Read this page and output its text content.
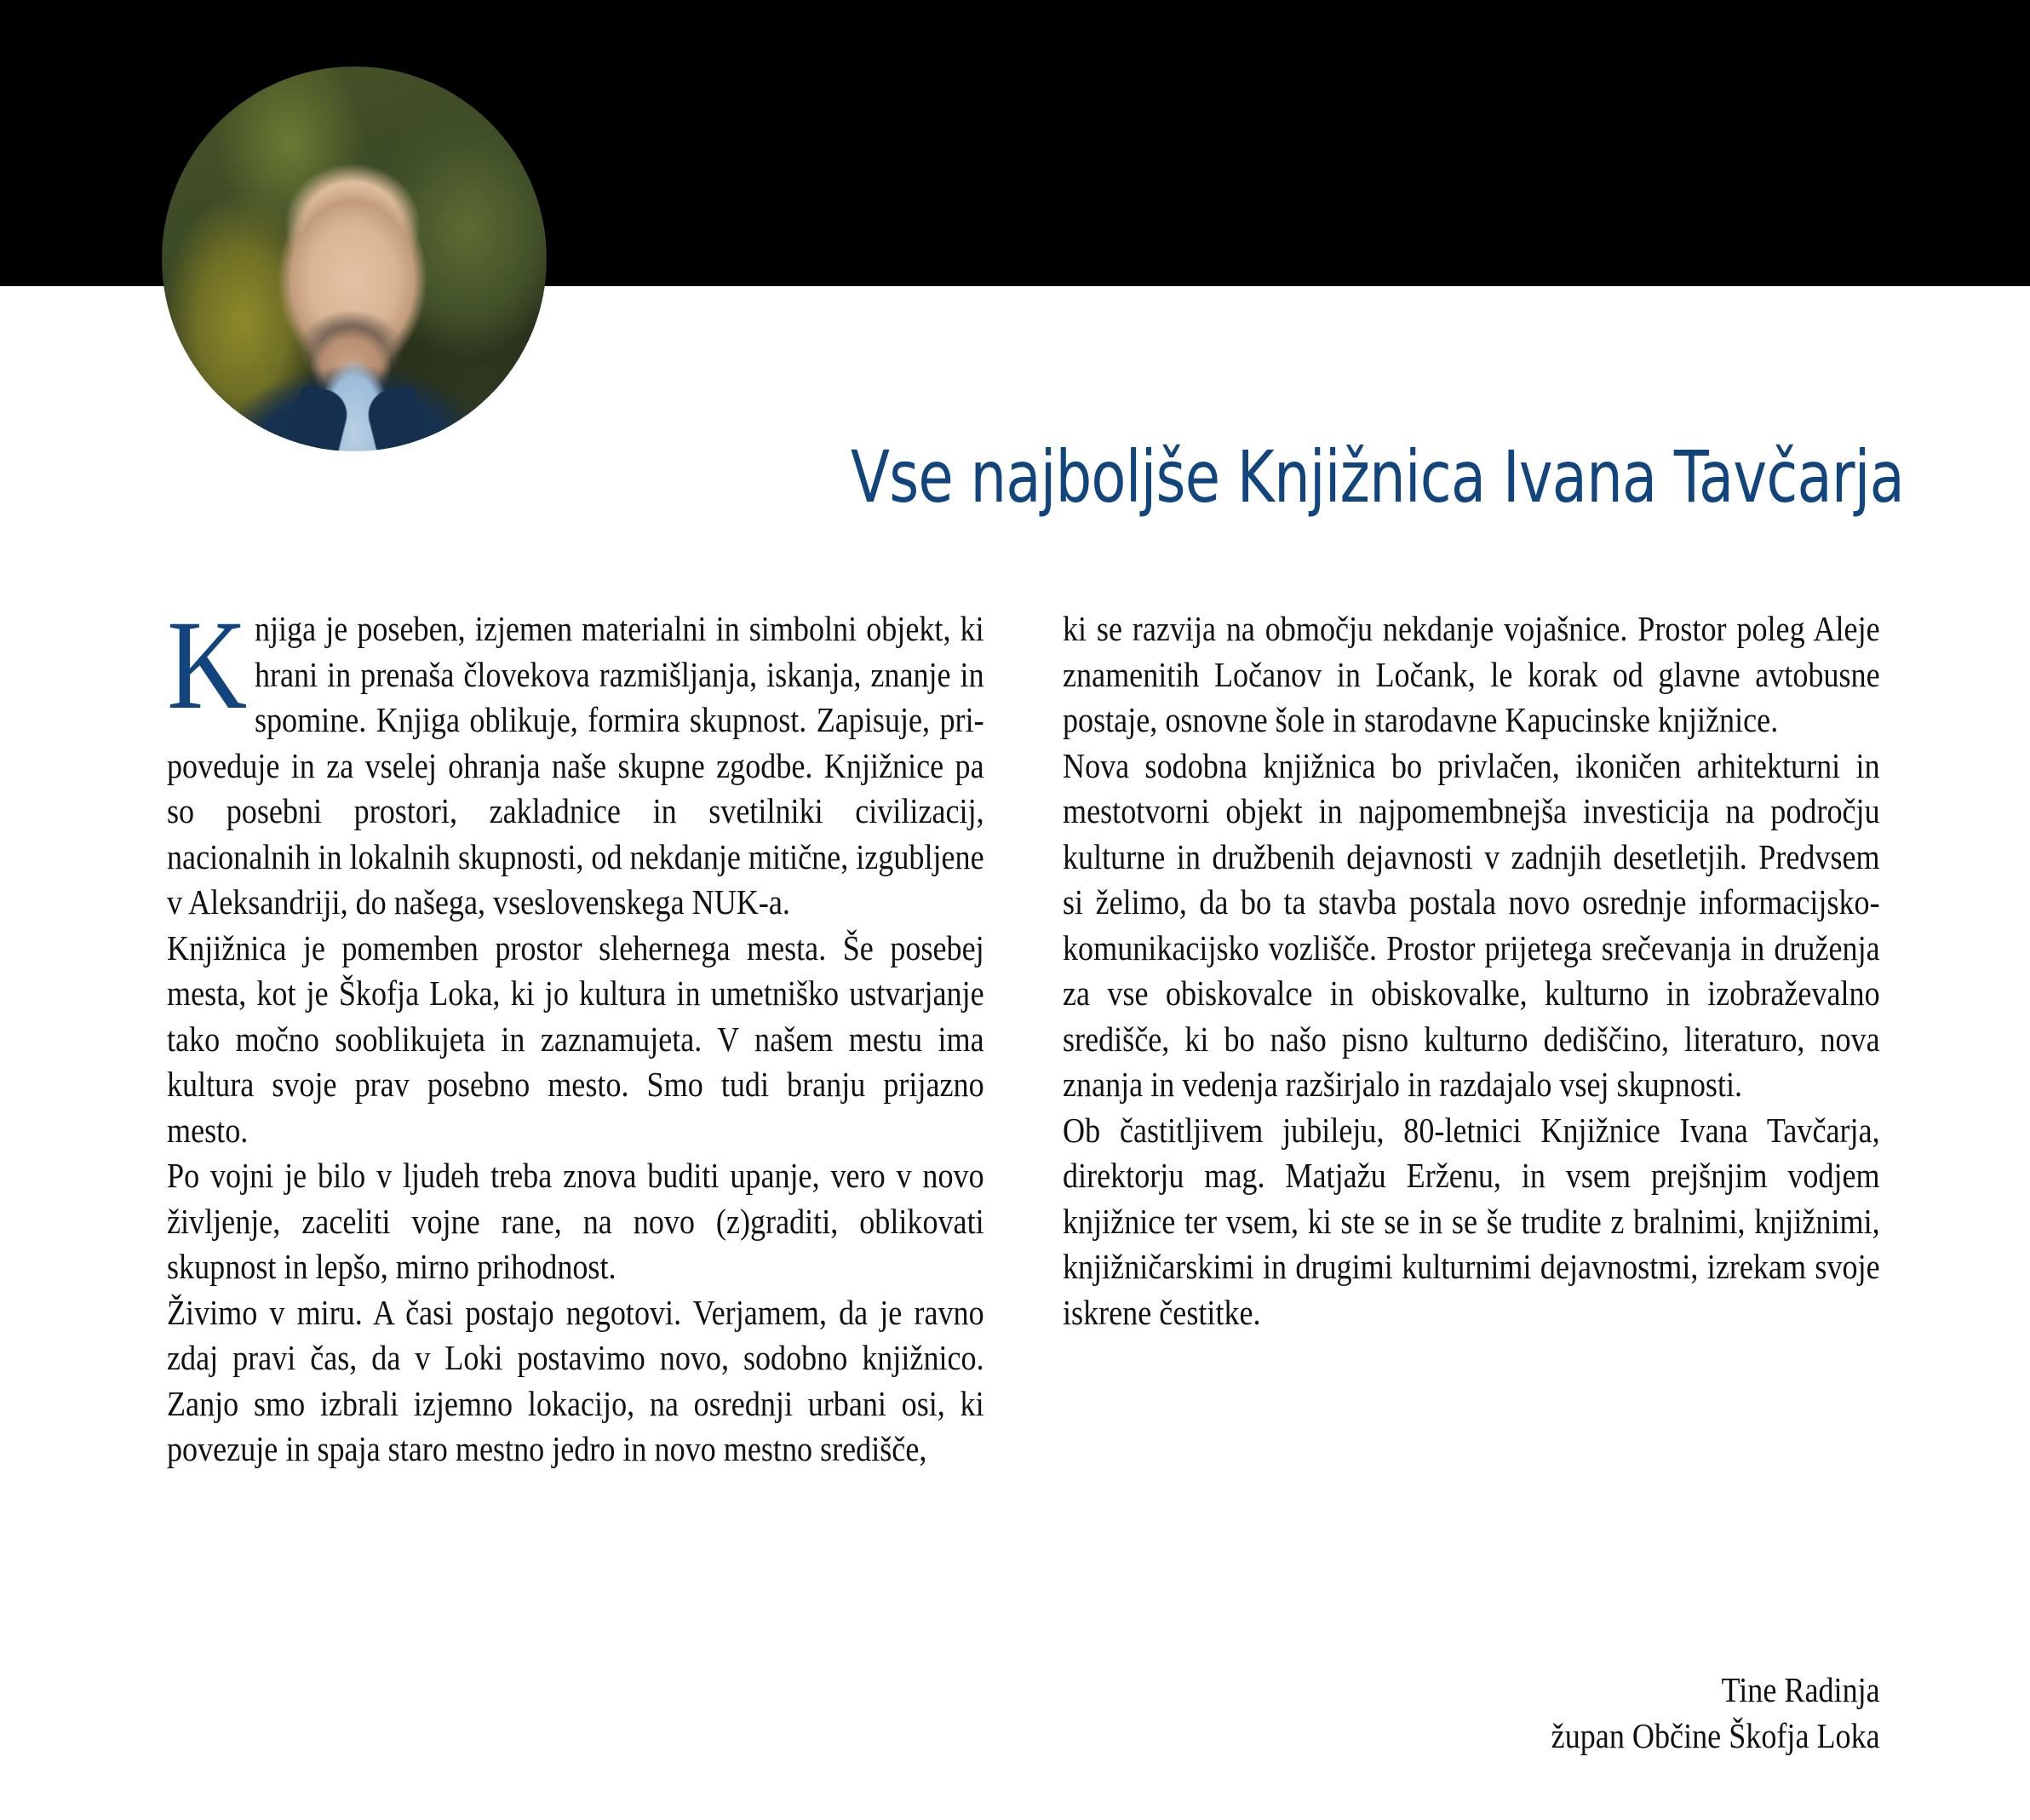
Vse najboljše Knjižnica Ivana Tavčarja

Knjiga je poseben, izjemen materialni in simbolni objekt, ki hrani in prenaša človekova razmišljanja, iskanja, znanje in spomine. Knjiga oblikuje, formira skupnost. Zapisuje, pripoveduje in za vselej ohranja naše skupne zgodbe. Knjižnice pa so posebni prostori, zakladnice in svetilniki civilizacij, nacionalnih in lokalnih skupnosti, od nekdanje mitične, izgubljene v Aleksandriji, do našega, vseslovenskega NUK-a.

Knjižnica je pomemben prostor slehernega mesta. Še posebej mesta, kot je Škofja Loka, ki jo kultura in umetniško ustvarjanje tako močno sooblikujeta in zaznamujeta. V našem mestu ima kultura svoje prav posebno mesto. Smo tudi branju prijazno mesto.

Po vojni je bilo v ljudeh treba znova buditi upanje, vero v novo življenje, zaceliti vojne rane, na novo (z)graditi, oblikovati skupnost in lepšo, mirno prihodnost.

Živimo v miru. A časi postajo negotovi. Verjamem, da je ravno zdaj pravi čas, da v Loki postavimo novo, sodobno knjižnico. Zanjo smo izbrali izjemno lokacijo, na osrednji urbani osi, ki povezuje in spaja staro mestno jedro in novo mestno središče,

ki se razvija na območju nekdanje vojašnice. Prostor poleg Aleje znamenitih Ločanov in Ločank, le korak od glavne avtobusne postaje, osnovne šole in starodavne Kapucinske knjižnice.

Nova sodobna knjižnica bo privlačen, ikoničen arhitekturni in mestotvorni objekt in najpomembnejša investicija na področju kulturne in družbenih dejavnosti v zadnjih desetletjih. Predvsem si želimo, da bo ta stavba postala novo osrednje informacijsko-komunikacijsko vozlišče. Prostor prijetega srečevanja in druženja za vse obiskovalce in obiskovalke, kulturno in izobraževalno središče, ki bo našo pisno kulturno dediščino, literaturo, nova znanja in vedenja razširjalo in razdajalo vsej skupnosti.

Ob častitljivem jubileju, 80-letnici Knjižnice Ivana Tavčarja, direktorju mag. Matjažu Erženu, in vsem prejšnjim vodjem knjižnice ter vsem, ki ste se in se še trudite z bralnimi, knjižnimi, knjižničarskimi in drugimi kulturnimi dejavnostmi, izrekam svoje iskrene čestitke.

Tine Radinja
župan Občine Škofja Loka
